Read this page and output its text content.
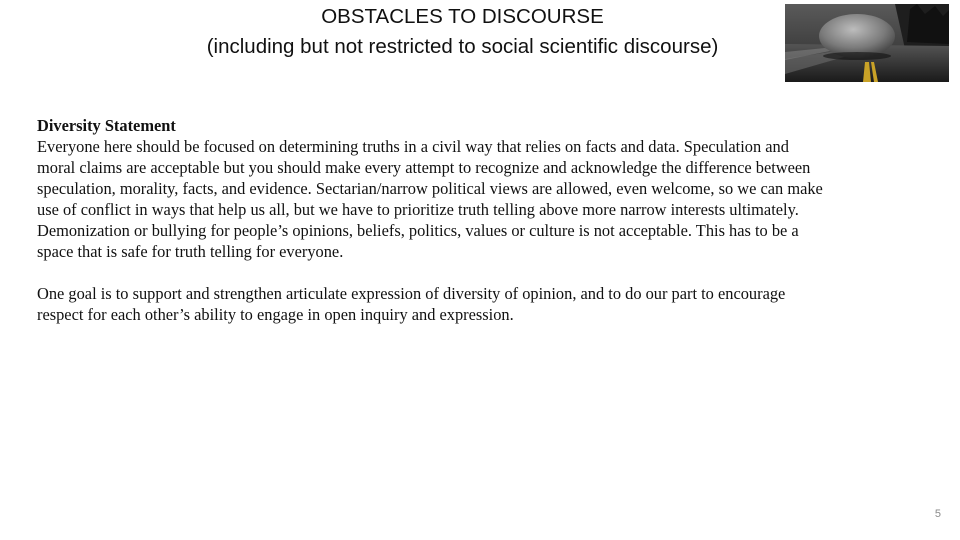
OBSTACLES TO DISCOURSE
(including but not restricted to social scientific discourse)
Diversity Statement

Everyone here should be focused on determining truths in a civil way that relies on facts and data. Speculation and
moral claims are acceptable but you should make every attempt to recognize and acknowledge the difference between
speculation, morality, facts, and evidence. Sectarian/narrow political views are allowed, even welcome, so we can make
use of conflict in ways that help us all, but we have to prioritize truth telling above more narrow interests ultimately.
Demonization or bullying for people’s opinions, beliefs, politics, values or culture is not acceptable. This has to be a
space that is safe for truth telling for everyone.

One goal is to support and strengthen articulate expression of diversity of opinion, and to do our part to encourage
respect for each other’s ability to engage in open inquiry and expression.

5
